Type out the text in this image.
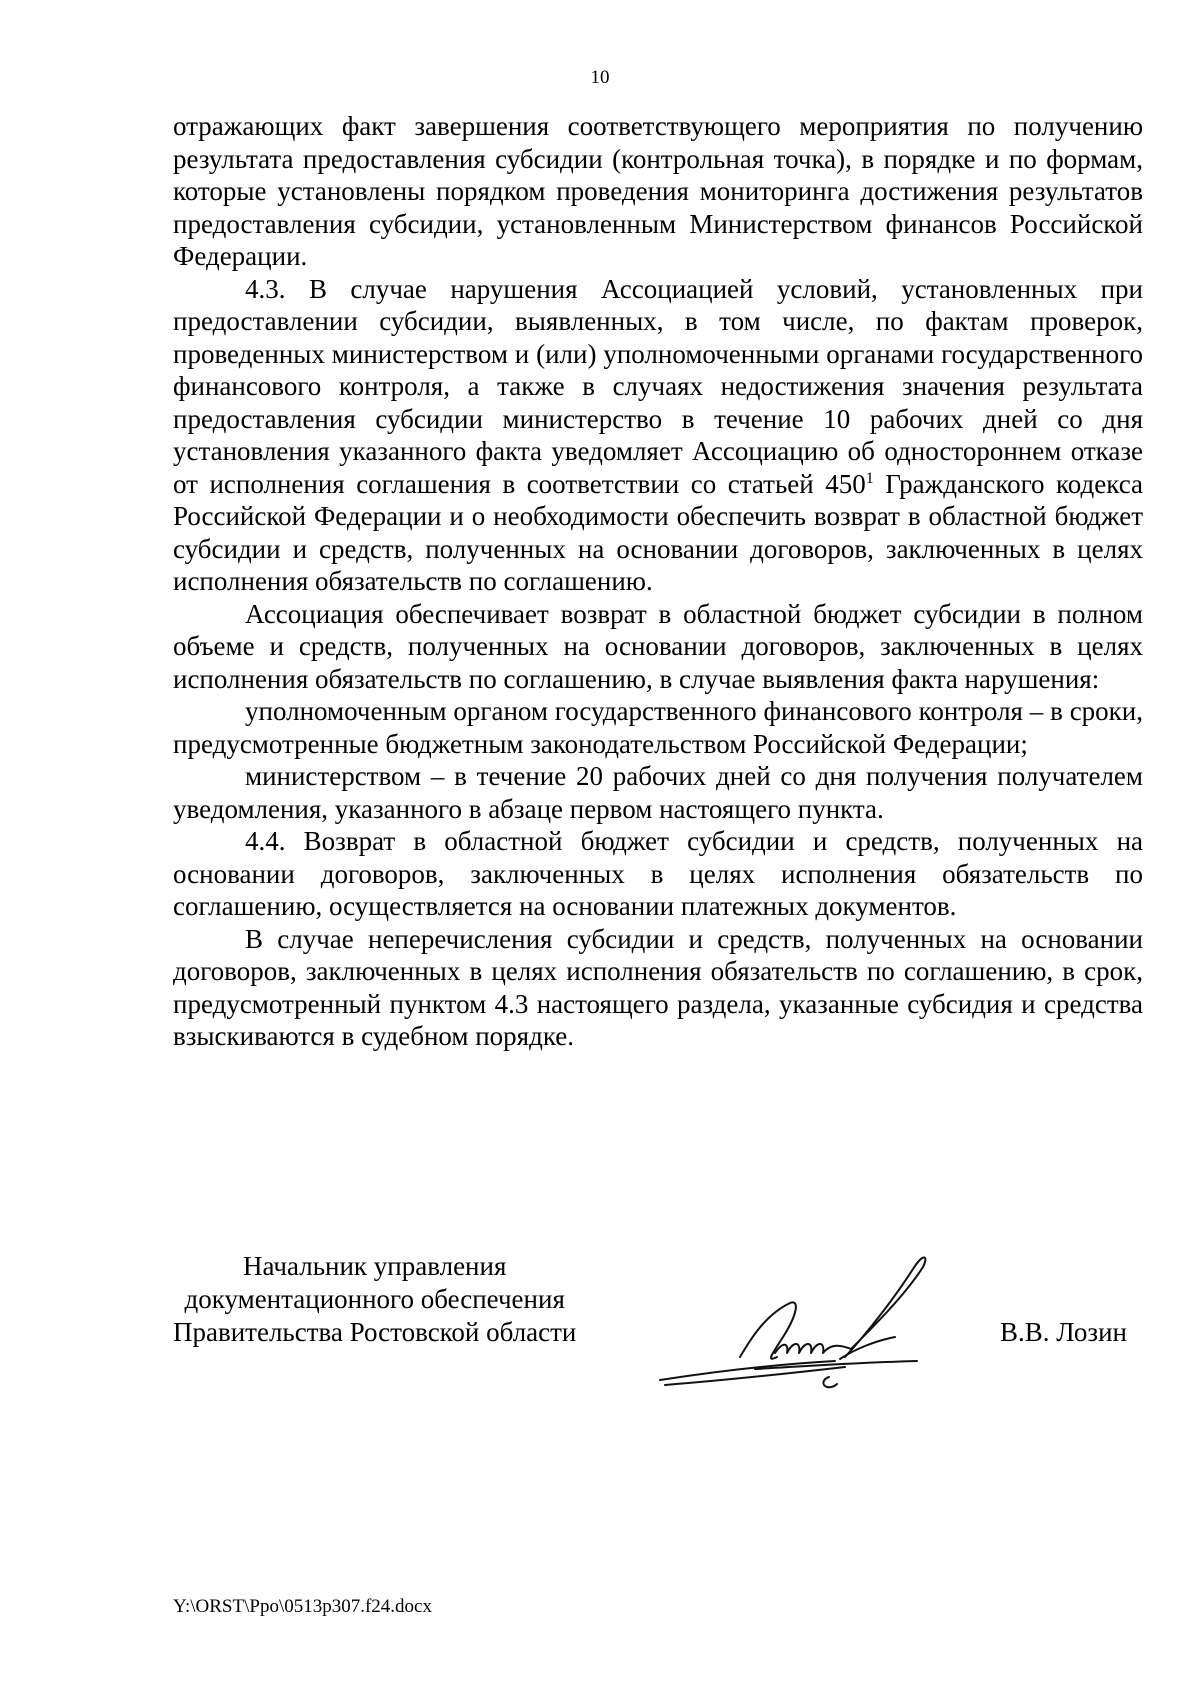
10

отражающих факт завершения соответствующего мероприятия по получению результата предоставления субсидии (контрольная точка), в порядке и по формам, которые установлены порядком проведения мониторинга достижения результатов предоставления субсидии, установленным Министерством финансов Российской Федерации.

4.3. В случае нарушения Ассоциацией условий, установленных при предоставлении субсидии, выявленных, в том числе, по фактам проверок, проведенных министерством и (или) уполномоченными органами государственного финансового контроля, а также в случаях недостижения значения результата предоставления субсидии министерство в течение 10 рабочих дней со дня установления указанного факта уведомляет Ассоциацию об одностороннем отказе от исполнения соглашения в соответствии со статьей $450^1$ Гражданского кодекса Российской Федерации и о необходимости обеспечить возврат в областной бюджет субсидии и средств, полученных на основании договоров, заключенных в целях исполнения обязательств по соглашению.

Ассоциация обеспечивает возврат в областной бюджет субсидии в полном объеме и средств, полученных на основании договоров, заключенных в целях исполнения обязательств по соглашению, в случае выявления факта нарушения:

уполномоченным органом государственного финансового контроля – в сроки, предусмотренные бюджетным законодательством Российской Федерации;

министерством – в течение 20 рабочих дней со дня получения получателем уведомления, указанного в абзаце первом настоящего пункта.

4.4. Возврат в областной бюджет субсидии и средств, полученных на основании договоров, заключенных в целях исполнения обязательств по соглашению, осуществляется на основании платежных документов.

В случае неперечисления субсидии и средств, полученных на основании договоров, заключенных в целях исполнения обязательств по соглашению, в срок, предусмотренный пунктом 4.3 настоящего раздела, указанные субсидия и средства взыскиваются в судебном порядке.

Начальник управления
документационного обеспечения
Правительства Ростовской области	В.В. Лозин
Y:\ORST\Ppo\0513p307.f24.docx
